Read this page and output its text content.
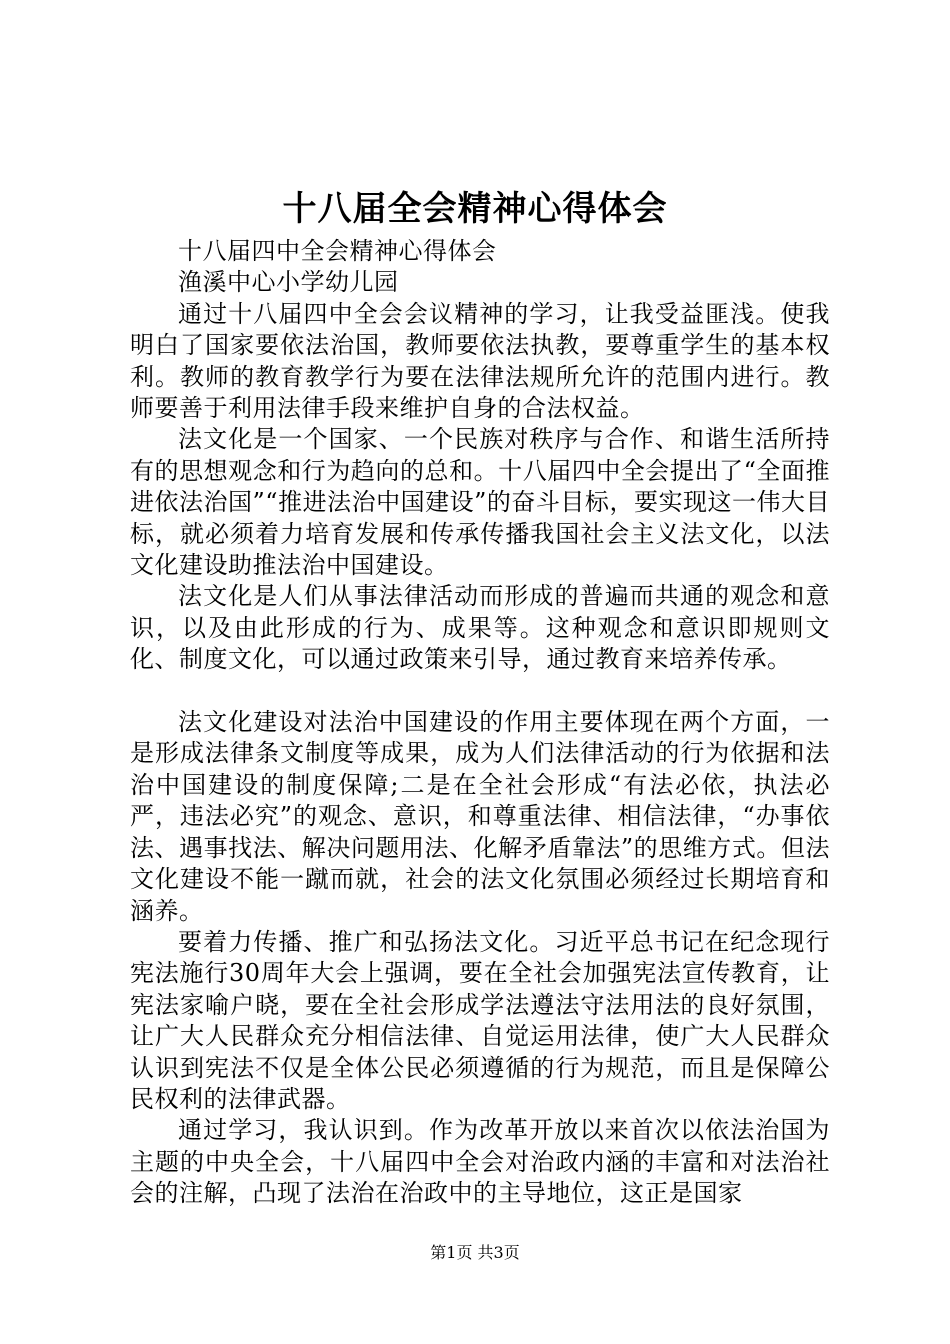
十八届全会精神心得体会

十八届四中全会精神心得体会

渔溪中心小学幼儿园

通过十八届四中全会会议精神的学习，让我受益匪浅。使我明白了国家要依法治国，教师要依法执教，要尊重学生的基本权利。教师的教育教学行为要在法律法规所允许的范围内进行。教师要善于利用法律手段来维护自身的合法权益。

法文化是一个国家、一个民族对秩序与合作、和谐生活所持有的思想观念和行为趋向的总和。十八届四中全会提出了“全面推进依法治国”“推进法治中国建设”的奋斗目标，要实现这一伟大目标，就必须着力培育发展和传承传播我国社会主义法文化，以法文化建设助推法治中国建设。

法文化是人们从事法律活动而形成的普遍而共通的观念和意识，以及由此形成的行为、成果等。这种观念和意识即规则文化、制度文化，可以通过政策来引导，通过教育来培养传承。

法文化建设对法治中国建设的作用主要体现在两个方面，一是形成法律条文制度等成果，成为人们法律活动的行为依据和法治中国建设的制度保障;二是在全社会形成“有法必依，执法必严，违法必究”的观念、意识，和尊重法律、相信法律，“办事依法、遇事找法、解决问题用法、化解矛盾靠法”的思维方式。但法文化建设不能一蹴而就，社会的法文化氛围必须经过长期培育和涵养。

要着力传播、推广和弘扬法文化。习近平总书记在纪念现行宪法施行30周年大会上强调，要在全社会加强宪法宣传教育，让宪法家喻户晓，要在全社会形成学法遵法守法用法的良好氛围，让广大人民群众充分相信法律、自觉运用法律，使广大人民群众认识到宪法不仅是全体公民必须遵循的行为规范，而且是保障公民权利的法律武器。

通过学习，我认识到。作为改革开放以来首次以依法治国为主题的中央全会，十八届四中全会对治政内涵的丰富和对法治社会的注解，凸现了法治在治政中的主导地位，这正是国家

第1页 共3页
